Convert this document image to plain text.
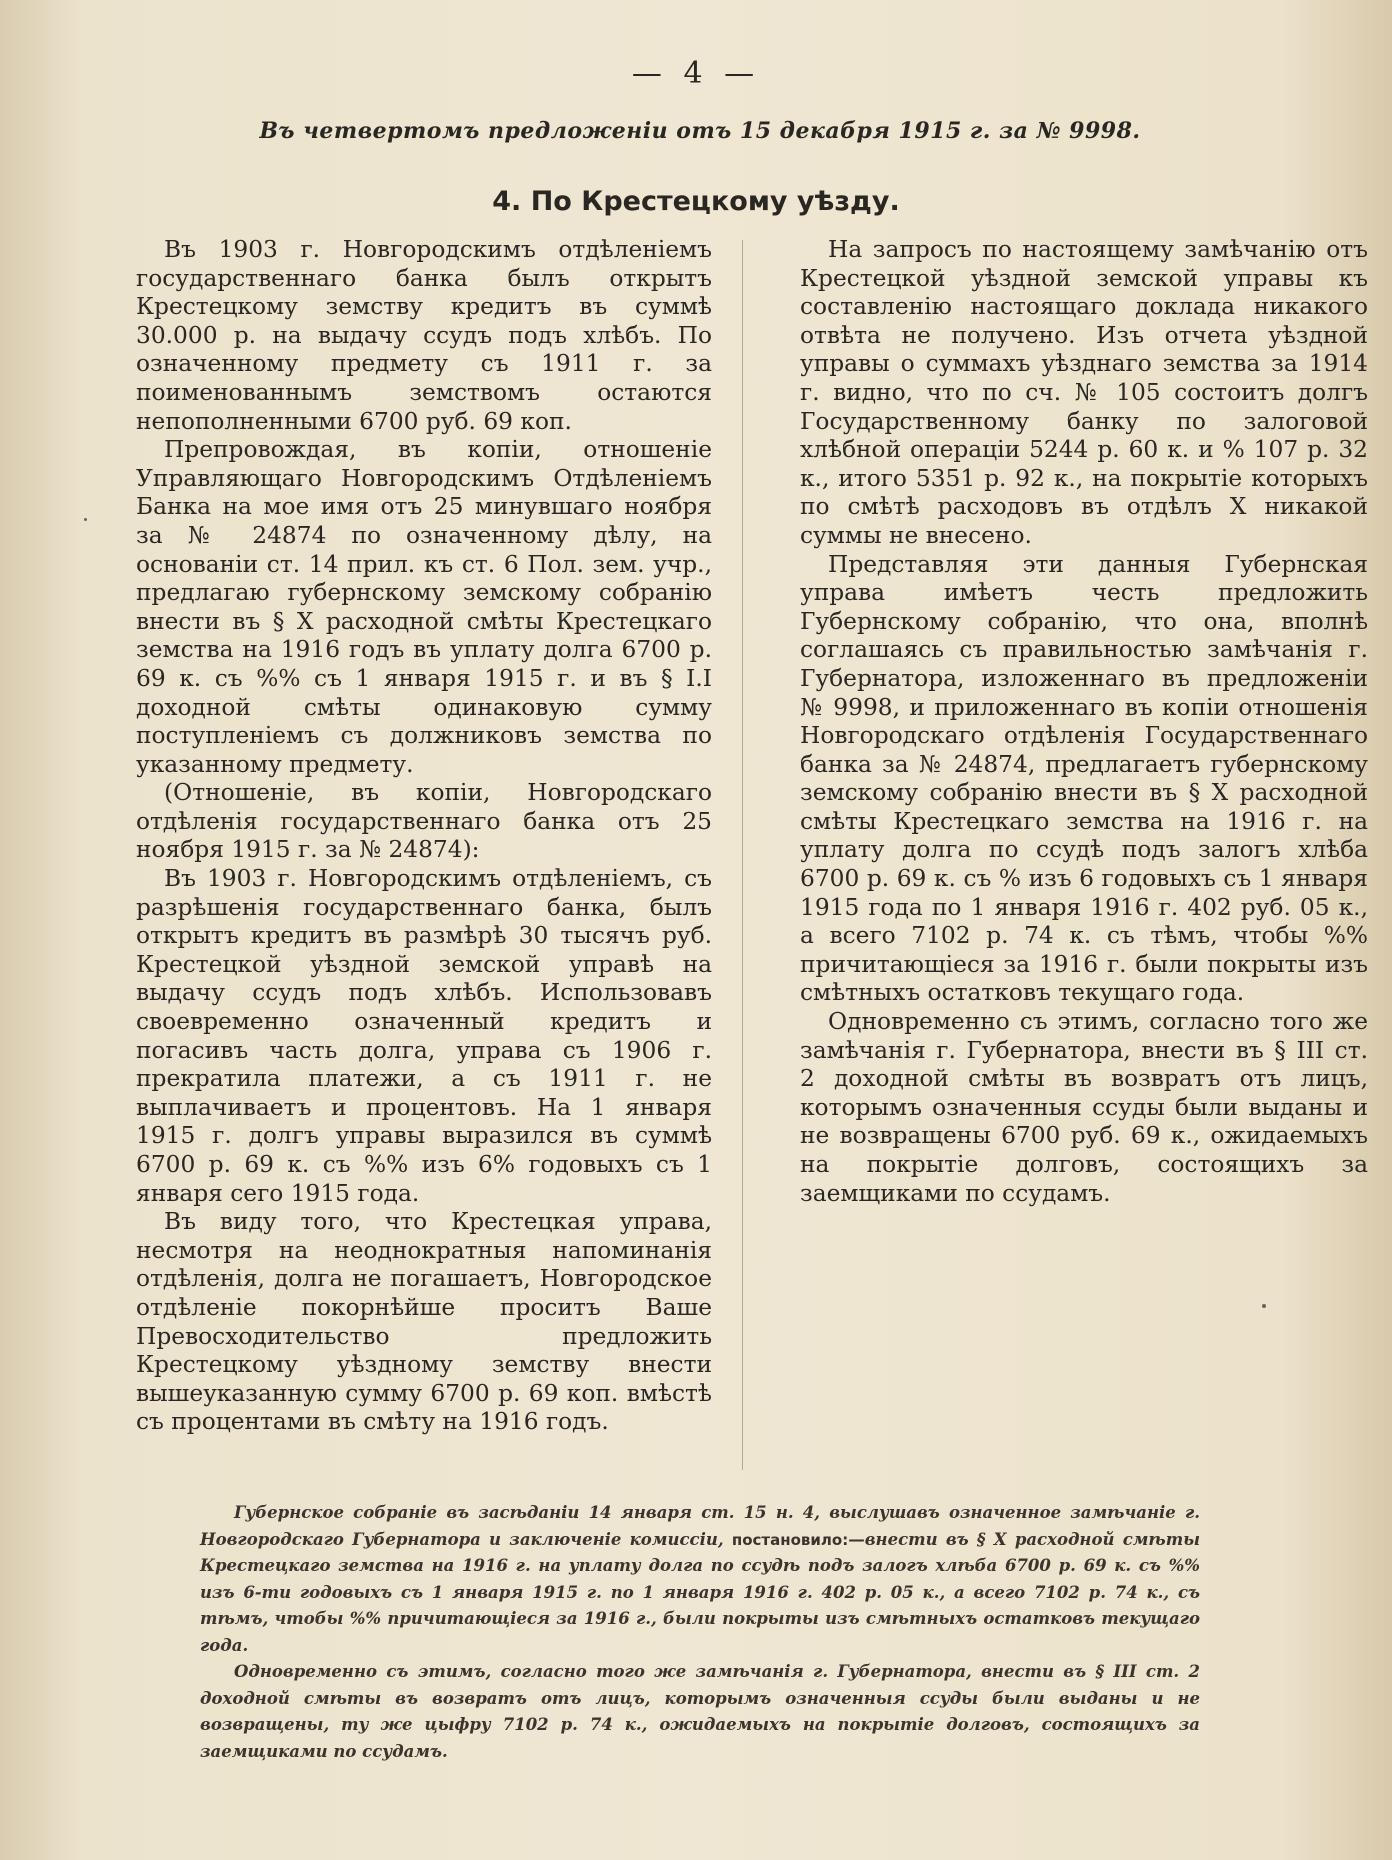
— 4 —
Въ четвертомъ предложенiи отъ 15 декабря 1915 г. за № 9998.
4. По Крестецкому уѣзду.

Въ 1903 г. Новгородскимъ отдѣленiемъ государственнаго банка былъ открытъ Крестецкому земству кредитъ въ суммѣ 30.000 р. на выдачу ссудъ подъ хлѣбъ. По означенному предмету съ 1911 г. за поименованнымъ земствомъ остаются непополненными 6700 руб. 69 коп.

Препровождая, въ копiи, отношенiе Управляющаго Новгородскимъ Отдѣленiемъ Банка на мое имя отъ 25 минувшаго ноября за № 24874 по означенному дѣлу, на основанiи ст. 14 прил. къ ст. 6 Пол. зем. учр., предлагаю губернскому земскому собранiю внести въ § X расходной смѣты Крестецкаго земства на 1916 годъ въ уплату долга 6700 р. 69 к. съ %% съ 1 января 1915 г. и въ § I.I доходной смѣты одинаковую сумму поступленiемъ съ должниковъ земства по указанному предмету.

(Отношенiе, въ копiи, Новгородскаго отдѣленiя государственнаго банка отъ 25 ноября 1915 г. за № 24874):

Въ 1903 г. Новгородскимъ отдѣленiемъ, съ разрѣшенiя государственнаго банка, былъ открытъ кредитъ въ размѣрѣ 30 тысячъ руб. Крестецкой уѣздной земской управѣ на выдачу ссудъ подъ хлѣбъ. Использовавъ своевременно означенный кредитъ и погасивъ часть долга, управа съ 1906 г. прекратила платежи, а съ 1911 г. не выплачиваетъ и процентовъ. На 1 января 1915 г. долгъ управы выразился въ суммѣ 6700 р. 69 к. съ %% изъ 6% годовыхъ съ 1 января сего 1915 года.

Въ виду того, что Крестецкая управа, несмотря на неоднократныя напоминанiя отдѣленiя, долга не погашаетъ, Новгородское отдѣленiе покорнѣйше проситъ Ваше Превосходительство предложить Крестецкому уѣздному земству внести вышеуказанную сумму 6700 р. 69 коп. вмѣстѣ съ процентами въ смѣту на 1916 годъ.

На запросъ по настоящему замѣчанiю отъ Крестецкой уѣздной земской управы къ составленiю настоящаго доклада никакого отвѣта не получено. Изъ отчета уѣздной управы о суммахъ уѣзднаго земства за 1914 г. видно, что по сч. № 105 состоитъ долгъ Государственному банку по залоговой хлѣбной операцiи 5244 р. 60 к. и % 107 р. 32 к., итого 5351 р. 92 к., на покрытiе которыхъ по смѣтѣ расходовъ въ отдѣлъ X никакой суммы не внесено.

Представляя эти данныя Губернская управа имѣетъ честь предложить Губернскому собранiю, что она, вполнѣ соглашаясь съ правильностью замѣчанiя г. Губернатора, изложеннаго въ предложенiи № 9998, и приложеннаго въ копiи отношенiя Новгородскаго отдѣленiя Государственнаго банка за № 24874, предлагаетъ губернскому земскому собранiю внести въ § X расходной смѣты Крестецкаго земства на 1916 г. на уплату долга по ссудѣ подъ залогъ хлѣба 6700 р. 69 к. съ % изъ 6 годовыхъ съ 1 января 1915 года по 1 января 1916 г. 402 руб. 05 к., а всего 7102 р. 74 к. съ тѣмъ, чтобы %% причитающiеся за 1916 г. были покрыты изъ смѣтныхъ остатковъ текущаго года.

Одновременно съ этимъ, согласно того же замѣчанiя г. Губернатора, внести въ § III ст. 2 доходной смѣты въ возвратъ отъ лицъ, которымъ означенныя ссуды были выданы и не возвращены 6700 руб. 69 к., ожидаемыхъ на покрытiе долговъ, состоящихъ за заемщиками по ссудамъ.

Губернское собранiе въ засѣданiи 14 января ст. 15 н. 4, выслушавъ означенное замѣчанiе г. Новгородскаго Губернатора и заключенiе комиссiи, постановило:—внести въ § X расходной смѣты Крестецкаго земства на 1916 г. на уплату долга по ссудѣ подъ залогъ хлѣба 6700 р. 69 к. съ %% изъ 6-ти годовыхъ съ 1 января 1915 г. по 1 января 1916 г. 402 р. 05 к., а всего 7102 р. 74 к., съ тѣмъ, чтобы %% причитающiеся за 1916 г., были покрыты изъ смѣтныхъ остатковъ текущаго года.

Одновременно съ этимъ, согласно того же замѣчанiя г. Губернатора, внести въ § III ст. 2 доходной смѣты въ возвратъ отъ лицъ, которымъ означенныя ссуды были выданы и не возвращены, ту же цыфру 7102 р. 74 к., ожидаемыхъ на покрытiе долговъ, состоящихъ за заемщиками по ссудамъ.
